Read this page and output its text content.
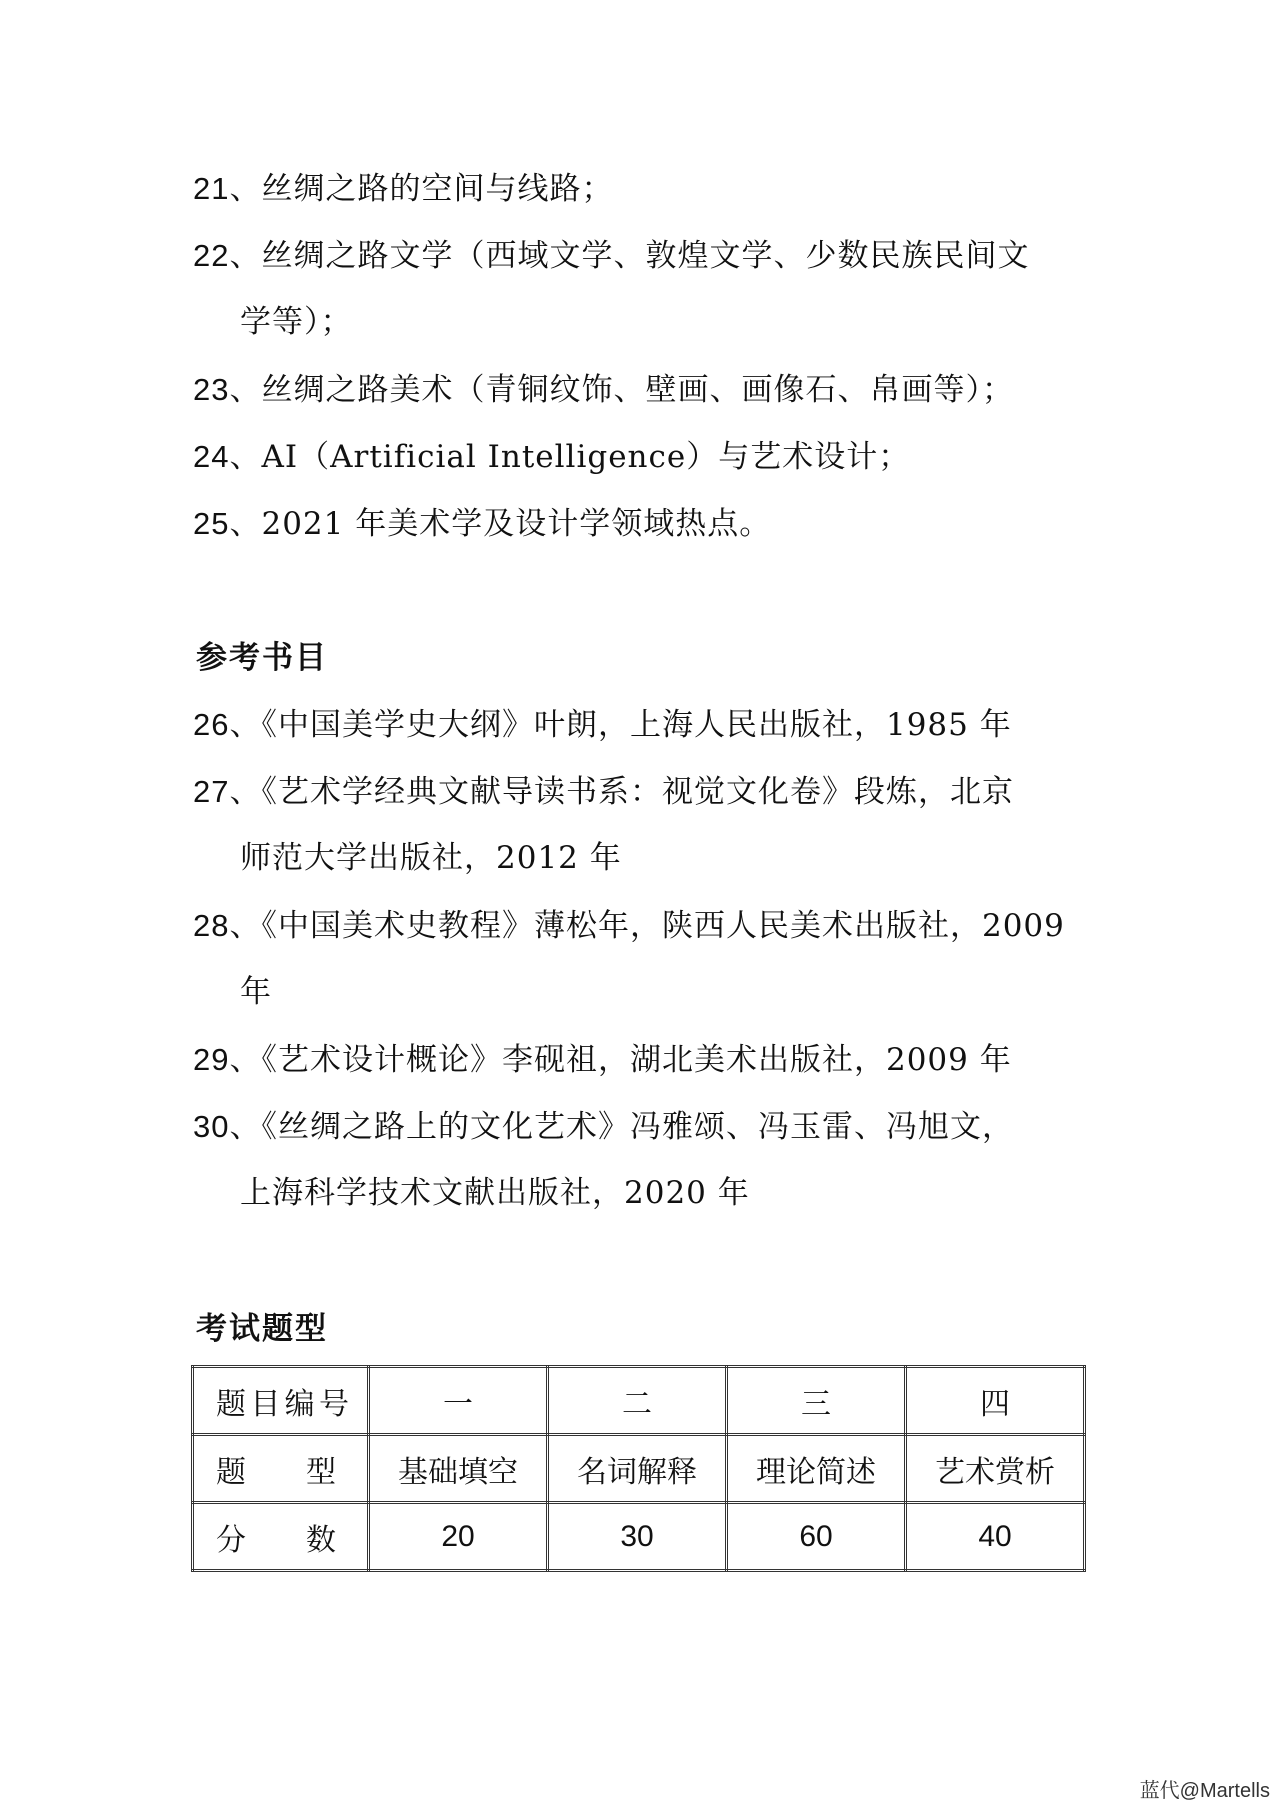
21、丝绸之路的空间与线路；
22、丝绸之路文学（西域文学、敦煌文学、少数民族民间文
学等）；
23、丝绸之路美术（青铜纹饰、壁画、画像石、帛画等）；
24、AI（Artificial Intelligence）与艺术设计；
25、2021 年美术学及设计学领域热点。
参考书目
26、《中国美学史大纲》叶朗，上海人民出版社，1985 年
27、《艺术学经典文献导读书系：视觉文化卷》段炼，北京
师范大学出版社，2012 年
28、《中国美术史教程》薄松年，陕西人民美术出版社，2009
年
29、《艺术设计概论》李砚祖，湖北美术出版社，2009 年
30、《丝绸之路上的文化艺术》冯雅颂、冯玉雷、冯旭文，
上海科学技术文献出版社，2020 年
考试题型
题目编号	一	二	三	四
题　　型	基础填空	名词解释	理论简述	艺术赏析
分　　数	20	30	60	40
蓝代@Martells
